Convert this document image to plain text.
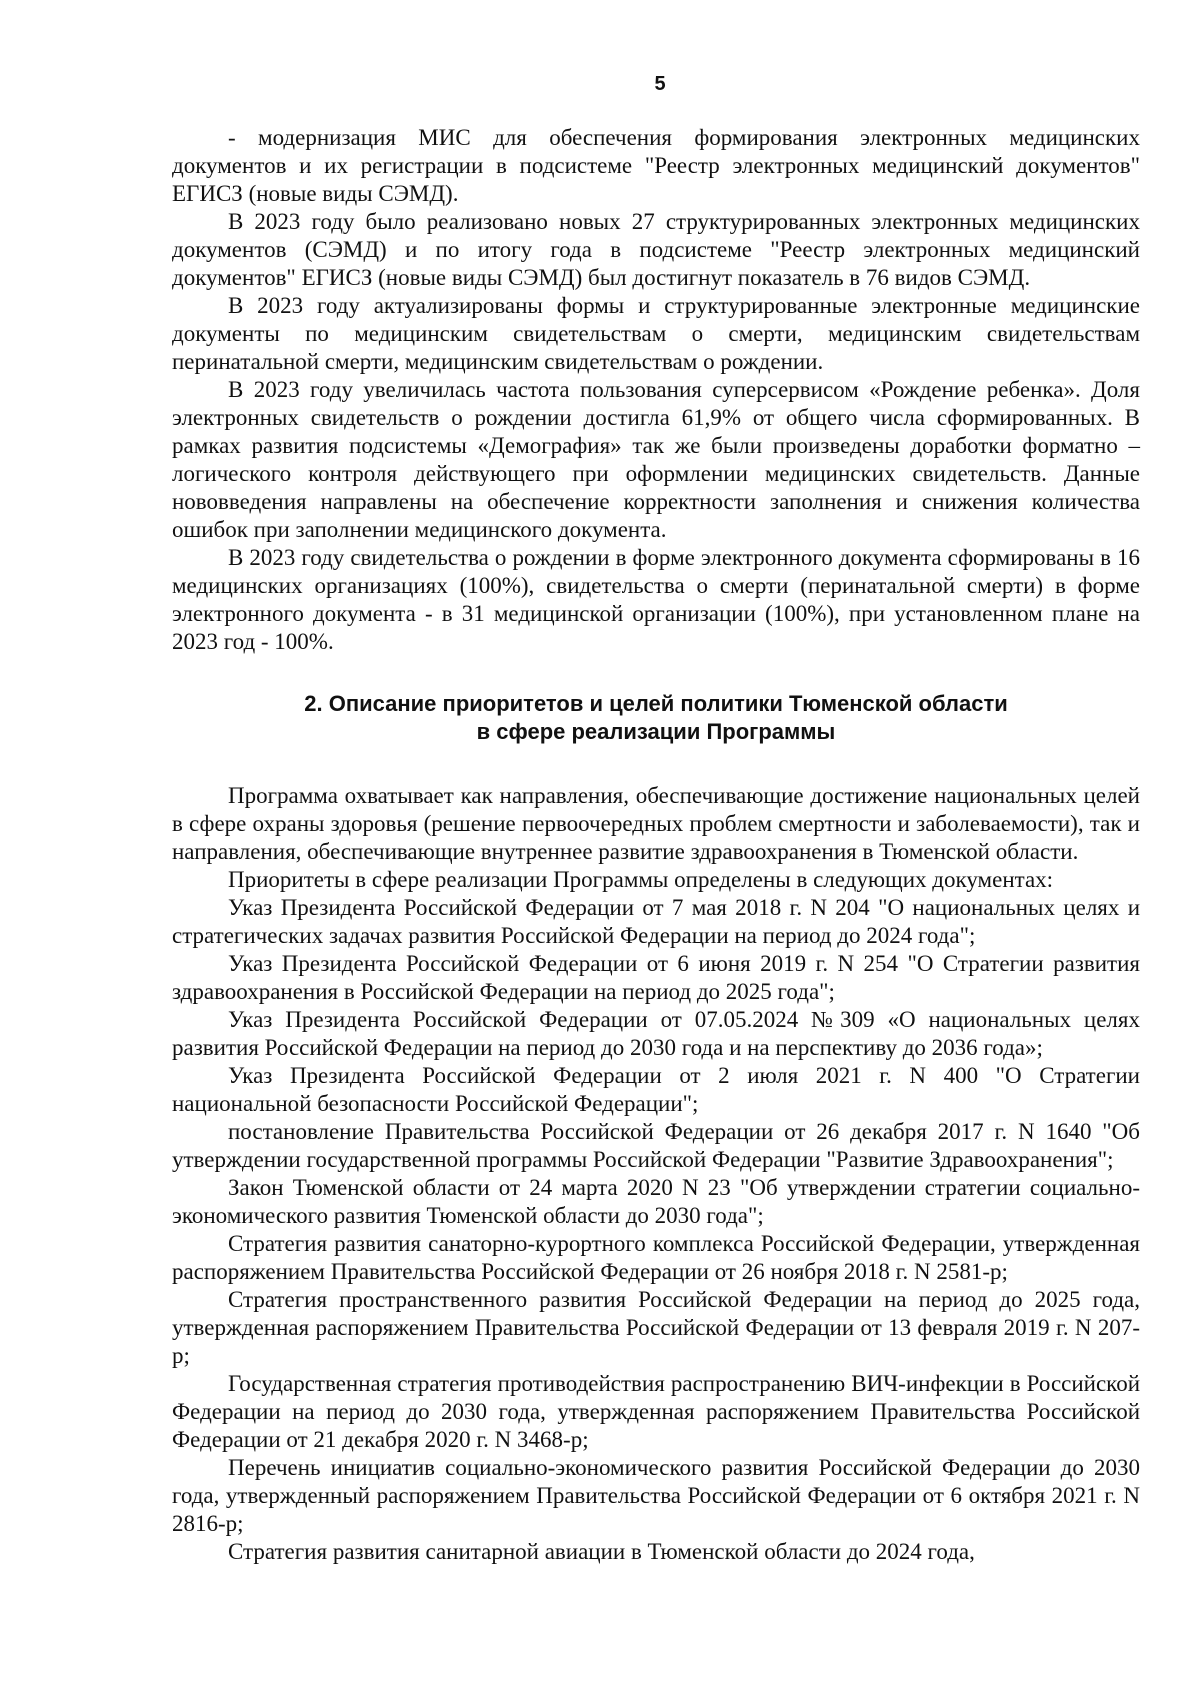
5

- модернизация МИС для обеспечения формирования электронных медицинских документов и их регистрации в подсистеме "Реестр электронных медицинский документов" ЕГИСЗ (новые виды СЭМД).

В 2023 году было реализовано новых 27 структурированных электронных медицинских документов (СЭМД) и по итогу года в подсистеме "Реестр электронных медицинский документов" ЕГИСЗ (новые виды СЭМД) был достигнут показатель в 76 видов СЭМД.

В 2023 году актуализированы формы и структурированные электронные медицинские документы по медицинским свидетельствам о смерти, медицинским свидетельствам перинатальной смерти, медицинским свидетельствам о рождении.

В 2023 году увеличилась частота пользования суперсервисом «Рождение ребенка». Доля электронных свидетельств о рождении достигла 61,9% от общего числа сформированных. В рамках развития подсистемы «Демография» так же были произведены доработки форматно – логического контроля действующего при оформлении медицинских свидетельств. Данные нововведения направлены на обеспечение корректности заполнения и снижения количества ошибок при заполнении медицинского документа.

В 2023 году свидетельства о рождении в форме электронного документа сформированы в 16 медицинских организациях (100%), свидетельства о смерти (перинатальной смерти) в форме электронного документа - в 31 медицинской организации (100%), при установленном плане на 2023 год - 100%.

2. Описание приоритетов и целей политики Тюменской области
в сфере реализации Программы

Программа охватывает как направления, обеспечивающие достижение национальных целей в сфере охраны здоровья (решение первоочередных проблем смертности и заболеваемости), так и направления, обеспечивающие внутреннее развитие здравоохранения в Тюменской области.

Приоритеты в сфере реализации Программы определены в следующих документах:

Указ Президента Российской Федерации от 7 мая 2018 г. N 204 "О национальных целях и стратегических задачах развития Российской Федерации на период до 2024 года";

Указ Президента Российской Федерации от 6 июня 2019 г. N 254 "О Стратегии развития здравоохранения в Российской Федерации на период до 2025 года";

Указ Президента Российской Федерации от 07.05.2024 №309 «О национальных целях развития Российской Федерации на период до 2030 года и на перспективу до 2036 года»;

Указ Президента Российской Федерации от 2 июля 2021 г. N 400 "О Стратегии национальной безопасности Российской Федерации";

постановление Правительства Российской Федерации от 26 декабря 2017 г. N 1640 "Об утверждении государственной программы Российской Федерации "Развитие Здравоохранения";

Закон Тюменской области от 24 марта 2020 N 23 "Об утверждении стратегии социально-экономического развития Тюменской области до 2030 года";

Стратегия развития санаторно-курортного комплекса Российской Федерации, утвержденная распоряжением Правительства Российской Федерации от 26 ноября 2018 г. N 2581-р;

Стратегия пространственного развития Российской Федерации на период до 2025 года, утвержденная распоряжением Правительства Российской Федерации от 13 февраля 2019 г. N 207-р;

Государственная стратегия противодействия распространению ВИЧ-инфекции в Российской Федерации на период до 2030 года, утвержденная распоряжением Правительства Российской Федерации от 21 декабря 2020 г. N 3468-р;

Перечень инициатив социально-экономического развития Российской Федерации до 2030 года, утвержденный распоряжением Правительства Российской Федерации от 6 октября 2021 г. N 2816-р;

Стратегия развития санитарной авиации в Тюменской области до 2024 года,
